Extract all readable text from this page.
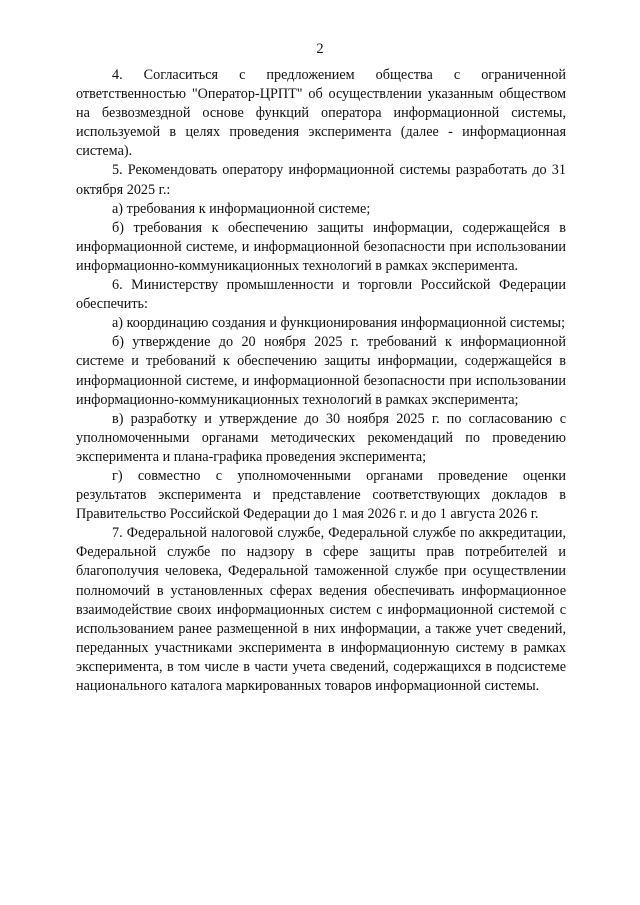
2

4. Согласиться с предложением общества с ограниченной ответственностью "Оператор-ЦРПТ" об осуществлении указанным обществом на безвозмездной основе функций оператора информационной системы, используемой в целях проведения эксперимента (далее - информационная система).

5. Рекомендовать оператору информационной системы разработать до 31 октября 2025 г.:

а) требования к информационной системе;

б) требования к обеспечению защиты информации, содержащейся в информационной системе, и информационной безопасности при использовании информационно-коммуникационных технологий в рамках эксперимента.

6. Министерству промышленности и торговли Российской Федерации обеспечить:

а) координацию создания и функционирования информационной системы;

б) утверждение до 20 ноября 2025 г. требований к информационной системе и требований к обеспечению защиты информации, содержащейся в информационной системе, и информационной безопасности при использовании информационно-коммуникационных технологий в рамках эксперимента;

в) разработку и утверждение до 30 ноября 2025 г. по согласованию с уполномоченными органами методических рекомендаций по проведению эксперимента и плана-графика проведения эксперимента;

г) совместно с уполномоченными органами проведение оценки результатов эксперимента и представление соответствующих докладов в Правительство Российской Федерации до 1 мая 2026 г. и до 1 августа 2026 г.

7. Федеральной налоговой службе, Федеральной службе по аккредитации, Федеральной службе по надзору в сфере защиты прав потребителей и благополучия человека, Федеральной таможенной службе при осуществлении полномочий в установленных сферах ведения обеспечивать информационное взаимодействие своих информационных систем с информационной системой с использованием ранее размещенной в них информации, а также учет сведений, переданных участниками эксперимента в информационную систему в рамках эксперимента, в том числе в части учета сведений, содержащихся в подсистеме национального каталога маркированных товаров информационной системы.
